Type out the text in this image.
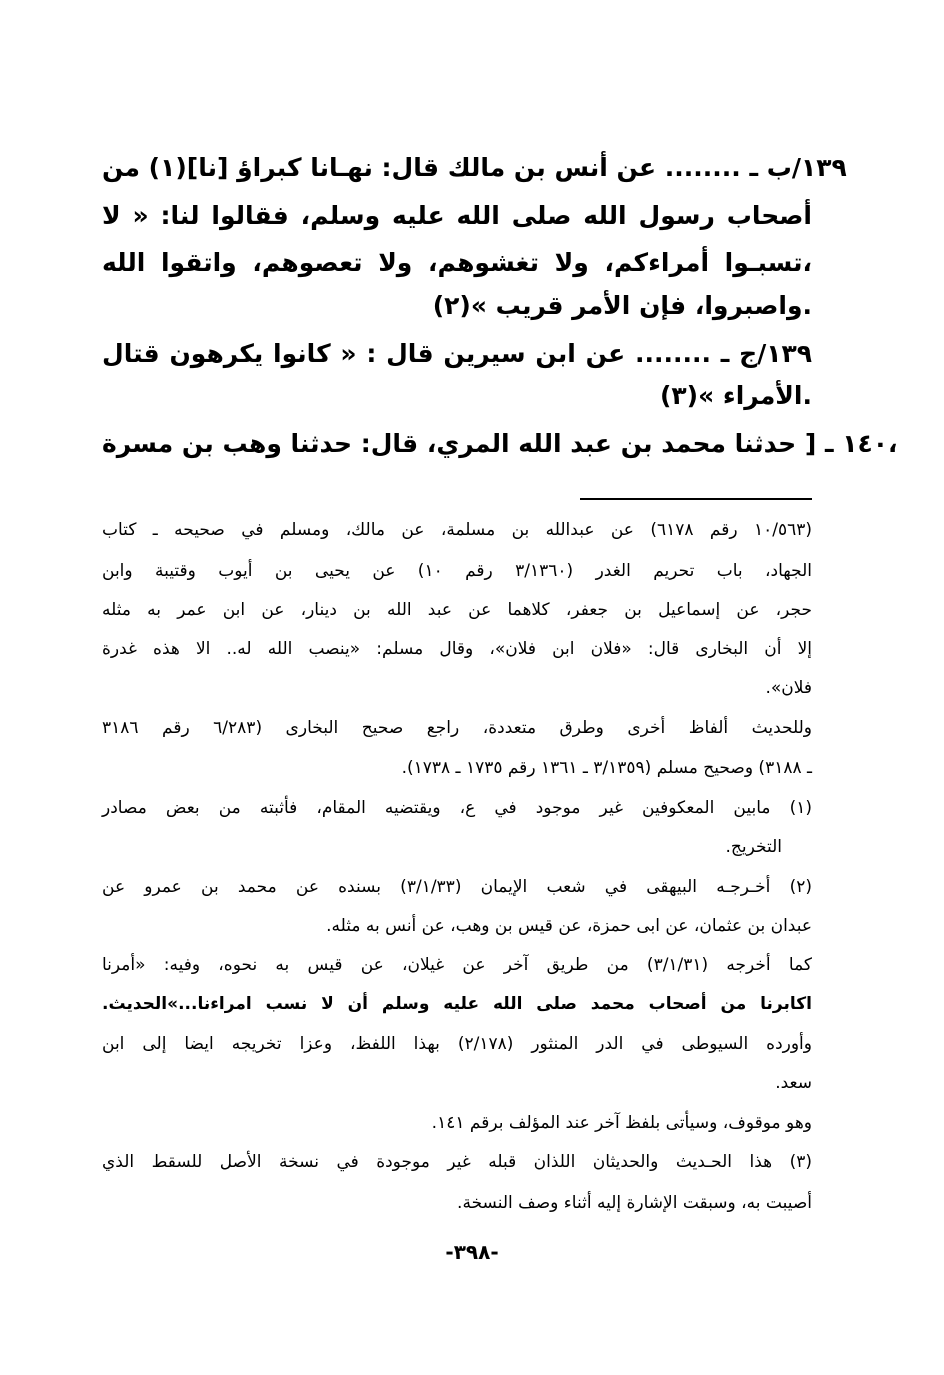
١٣٩/ب ـ ........ عن أنس بن مالك قال: نهـانا كبراؤ [نا](١) من
أصحاب رسول الله صلى الله عليه وسلم، فقالوا لنا: « لا
تسبـوا أمراءكم، ولا تغشوهم، ولا تعصوهم، واتقوا الله،
واصبروا، فإن الأمر قريب »(٢).
١٣٩/ج ـ ........ عن ابن سيرين قال : « كانوا يكرهون قتال
الأمراء »(٣).
١٤٠ ـ [ حدثنا محمد بن عبد الله المري، قال: حدثنا وهب بن مسرة،
(١٠/٥٦٣ رقم ٦١٧٨) عن عبدالله بن مسلمة، عن مالك، ومسلم في صحيحه ـ كتاب
الجهاد، باب تحريم الغدر (٣/١٣٦٠ رقم ١٠) عن يحيى بن أيوب وقتيبة وابن
حجر، عن إسماعيل بن جعفر، كلاهما عن عبد الله بن دينار، عن ابن عمر به مثله
إلا أن البخارى قال: «فلان ابن فلان»، وقال مسلم: «ينصب الله له.. الا هذه غدرة
فلان».
وللحديث ألفاظ أخرى وطرق متعددة، راجع صحيح البخارى (٦/٢٨٣ رقم ٣١٨٦
ـ ٣١٨٨) وصحيح مسلم (٣/١٣٥٩ ـ ١٣٦١ رقم ١٧٣٥ ـ ١٧٣٨).
(١) مابين المعكوفين غير موجود في ع، ويقتضيه المقام، فأثبته من بعض مصادر
التخريج.
(٢) أخـرجـه البيهقى في شعب الإيمان (٣/١/٣٣) بسنده عن محمد بن عمرو عن
عبدان بن عثمان، عن ابى حمزة، عن قيس بن وهب، عن أنس به مثله.
كما أخرجه (٣/١/٣١) من طريق آخر عن غيلان، عن قيس به نحوه، وفيه: «أمرنا
اكابرنا من أصحاب محمد صلى الله عليه وسلم أن لا نسب امراءنا...»الحديث.
وأورده السيوطى في الدر المنثور (٢/١٧٨) بهذا اللفظ، وعزا تخريجه ايضا إلى ابن
سعد.
وهو موقوف، وسيأتى بلفظ آخر عند المؤلف برقم ١٤١.
(٣) هذا الحـديث والحديثان اللذان قبله غير موجودة في نسخة الأصل للسقط الذي
أصيبت به، وسبقت الإشارة إليه أثناء وصف النسخة.
-٣٩٨-
